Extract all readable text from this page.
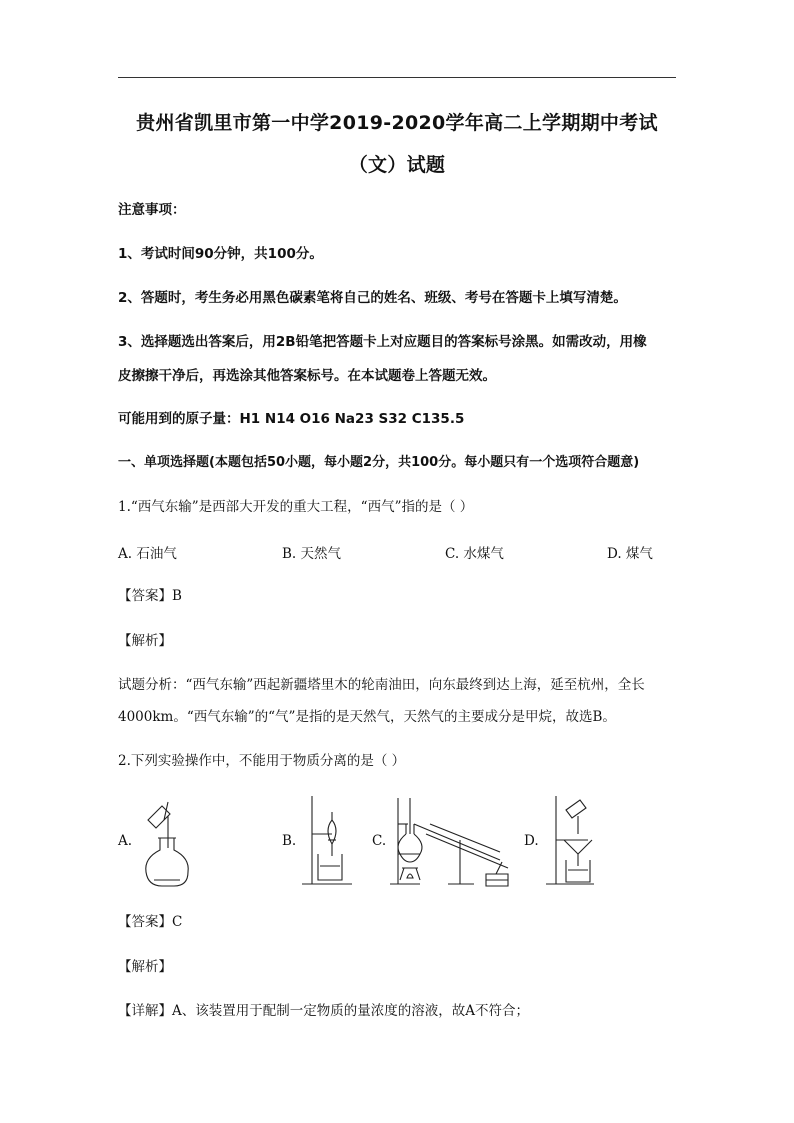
贵州省凯里市第一中学2019-2020学年高二上学期期中考试
（文）试题
注意事项：
1、考试时间90分钟，共100分。
2、答题时，考生务必用黑色碳素笔将自己的姓名、班级、考号在答题卡上填写清楚。
3、选择题选出答案后，用2B铅笔把答题卡上对应题目的答案标号涂黑。如需改动，用橡
皮擦擦干净后，再选涂其他答案标号。在本试题卷上答题无效。
可能用到的原子量：H1 N14 O16 Na23 S32 C135.5
一、单项选择题(本题包括50小题，每小题2分，共100分。每小题只有一个选项符合题意)
1.“西气东输”是西部大开发的重大工程，“西气”指的是（ ）
A. 石油气	B. 天然气	C. 水煤气	D. 煤气
【答案】B
【解析】
试题分析：“西气东输”西起新疆塔里木的轮南油田，向东最终到达上海，延至杭州，全长
4000km。“西气东输”的“气”是指的是天然气，天然气的主要成分是甲烷，故选B。
2.下列实验操作中，不能用于物质分离的是（ ）
A.	B.	C.	D.
【答案】C
【解析】
【详解】A、该装置用于配制一定物质的量浓度的溶液，故A不符合；
